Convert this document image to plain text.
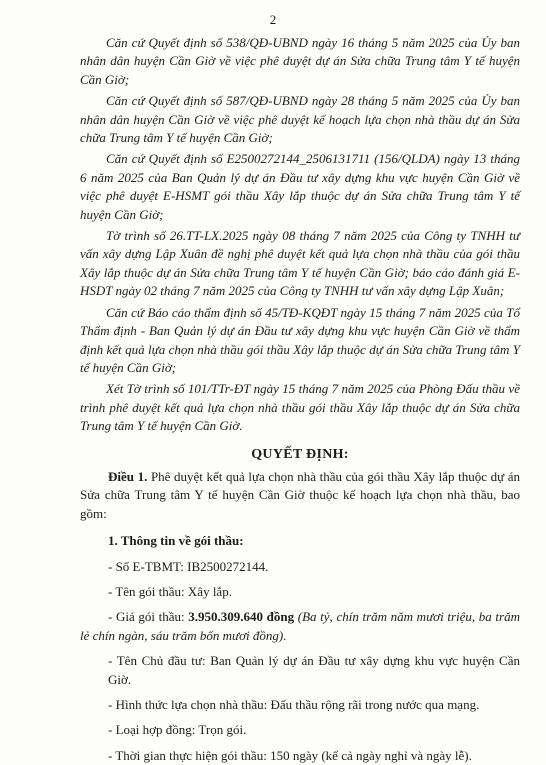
2

Căn cứ Quyết định số 538/QĐ-UBND ngày 16 tháng 5 năm 2025 của Ủy ban nhân dân huyện Cần Giờ về việc phê duyệt dự án Sửa chữa Trung tâm Y tế huyện Cần Giờ;

Căn cứ Quyết định số 587/QĐ-UBND ngày 28 tháng 5 năm 2025 của Ủy ban nhân dân huyện Cần Giờ về việc phê duyệt kế hoạch lựa chọn nhà thầu dự án Sửa chữa Trung tâm Y tế huyện Cần Giờ;

Căn cứ Quyết định số E2500272144_2506131711 (156/QLDA) ngày 13 tháng 6 năm 2025 của Ban Quản lý dự án Đầu tư xây dựng khu vực huyện Cần Giờ về việc phê duyệt E-HSMT gói thầu Xây lắp thuộc dự án Sửa chữa Trung tâm Y tế huyện Cần Giờ;

Tờ trình số 26.TT-LX.2025 ngày 08 tháng 7 năm 2025 của Công ty TNHH tư vấn xây dựng Lập Xuân đề nghị phê duyệt kết quả lựa chọn nhà thầu của gói thầu Xây lắp thuộc dự án Sửa chữa Trung tâm Y tế huyện Cần Giờ; báo cáo đánh giá E-HSDT ngày 02 tháng 7 năm 2025 của Công ty TNHH tư vấn xây dựng Lập Xuân;

Căn cứ Báo cáo thẩm định số 45/TĐ-KQĐT ngày 15 tháng 7 năm 2025 của Tổ Thẩm định - Ban Quản lý dự án Đầu tư xây dựng khu vực huyện Cần Giờ về thẩm định kết quả lựa chọn nhà thầu gói thầu Xây lắp thuộc dự án Sửa chữa Trung tâm Y tế huyện Cần Giờ;

Xét Tờ trình số 101/TTr-ĐT ngày 15 tháng 7 năm 2025 của Phòng Đấu thầu về trình phê duyệt kết quả lựa chọn nhà thầu gói thầu Xây lắp thuộc dự án Sửa chữa Trung tâm Y tế huyện Cần Giờ.

QUYẾT ĐỊNH:

Điều 1. Phê duyệt kết quả lựa chọn nhà thầu của gói thầu Xây lắp thuộc dự án Sửa chữa Trung tâm Y tế huyện Cần Giờ thuộc kế hoạch lựa chọn nhà thầu, bao gồm:

1. Thông tin về gói thầu:

- Số E-TBMT: IB2500272144.

- Tên gói thầu: Xây lắp.

- Giá gói thầu: 3.950.309.640 đồng (Ba tỷ, chín trăm năm mươi triệu, ba trăm lẻ chín ngàn, sáu trăm bốn mươi đồng).

- Tên Chủ đầu tư: Ban Quản lý dự án Đầu tư xây dựng khu vực huyện Cần Giờ.

- Hình thức lựa chọn nhà thầu: Đấu thầu rộng rãi trong nước qua mạng.

- Loại hợp đồng: Trọn gói.

- Thời gian thực hiện gói thầu: 150 ngày (kể cả ngày nghỉ và ngày lễ).
